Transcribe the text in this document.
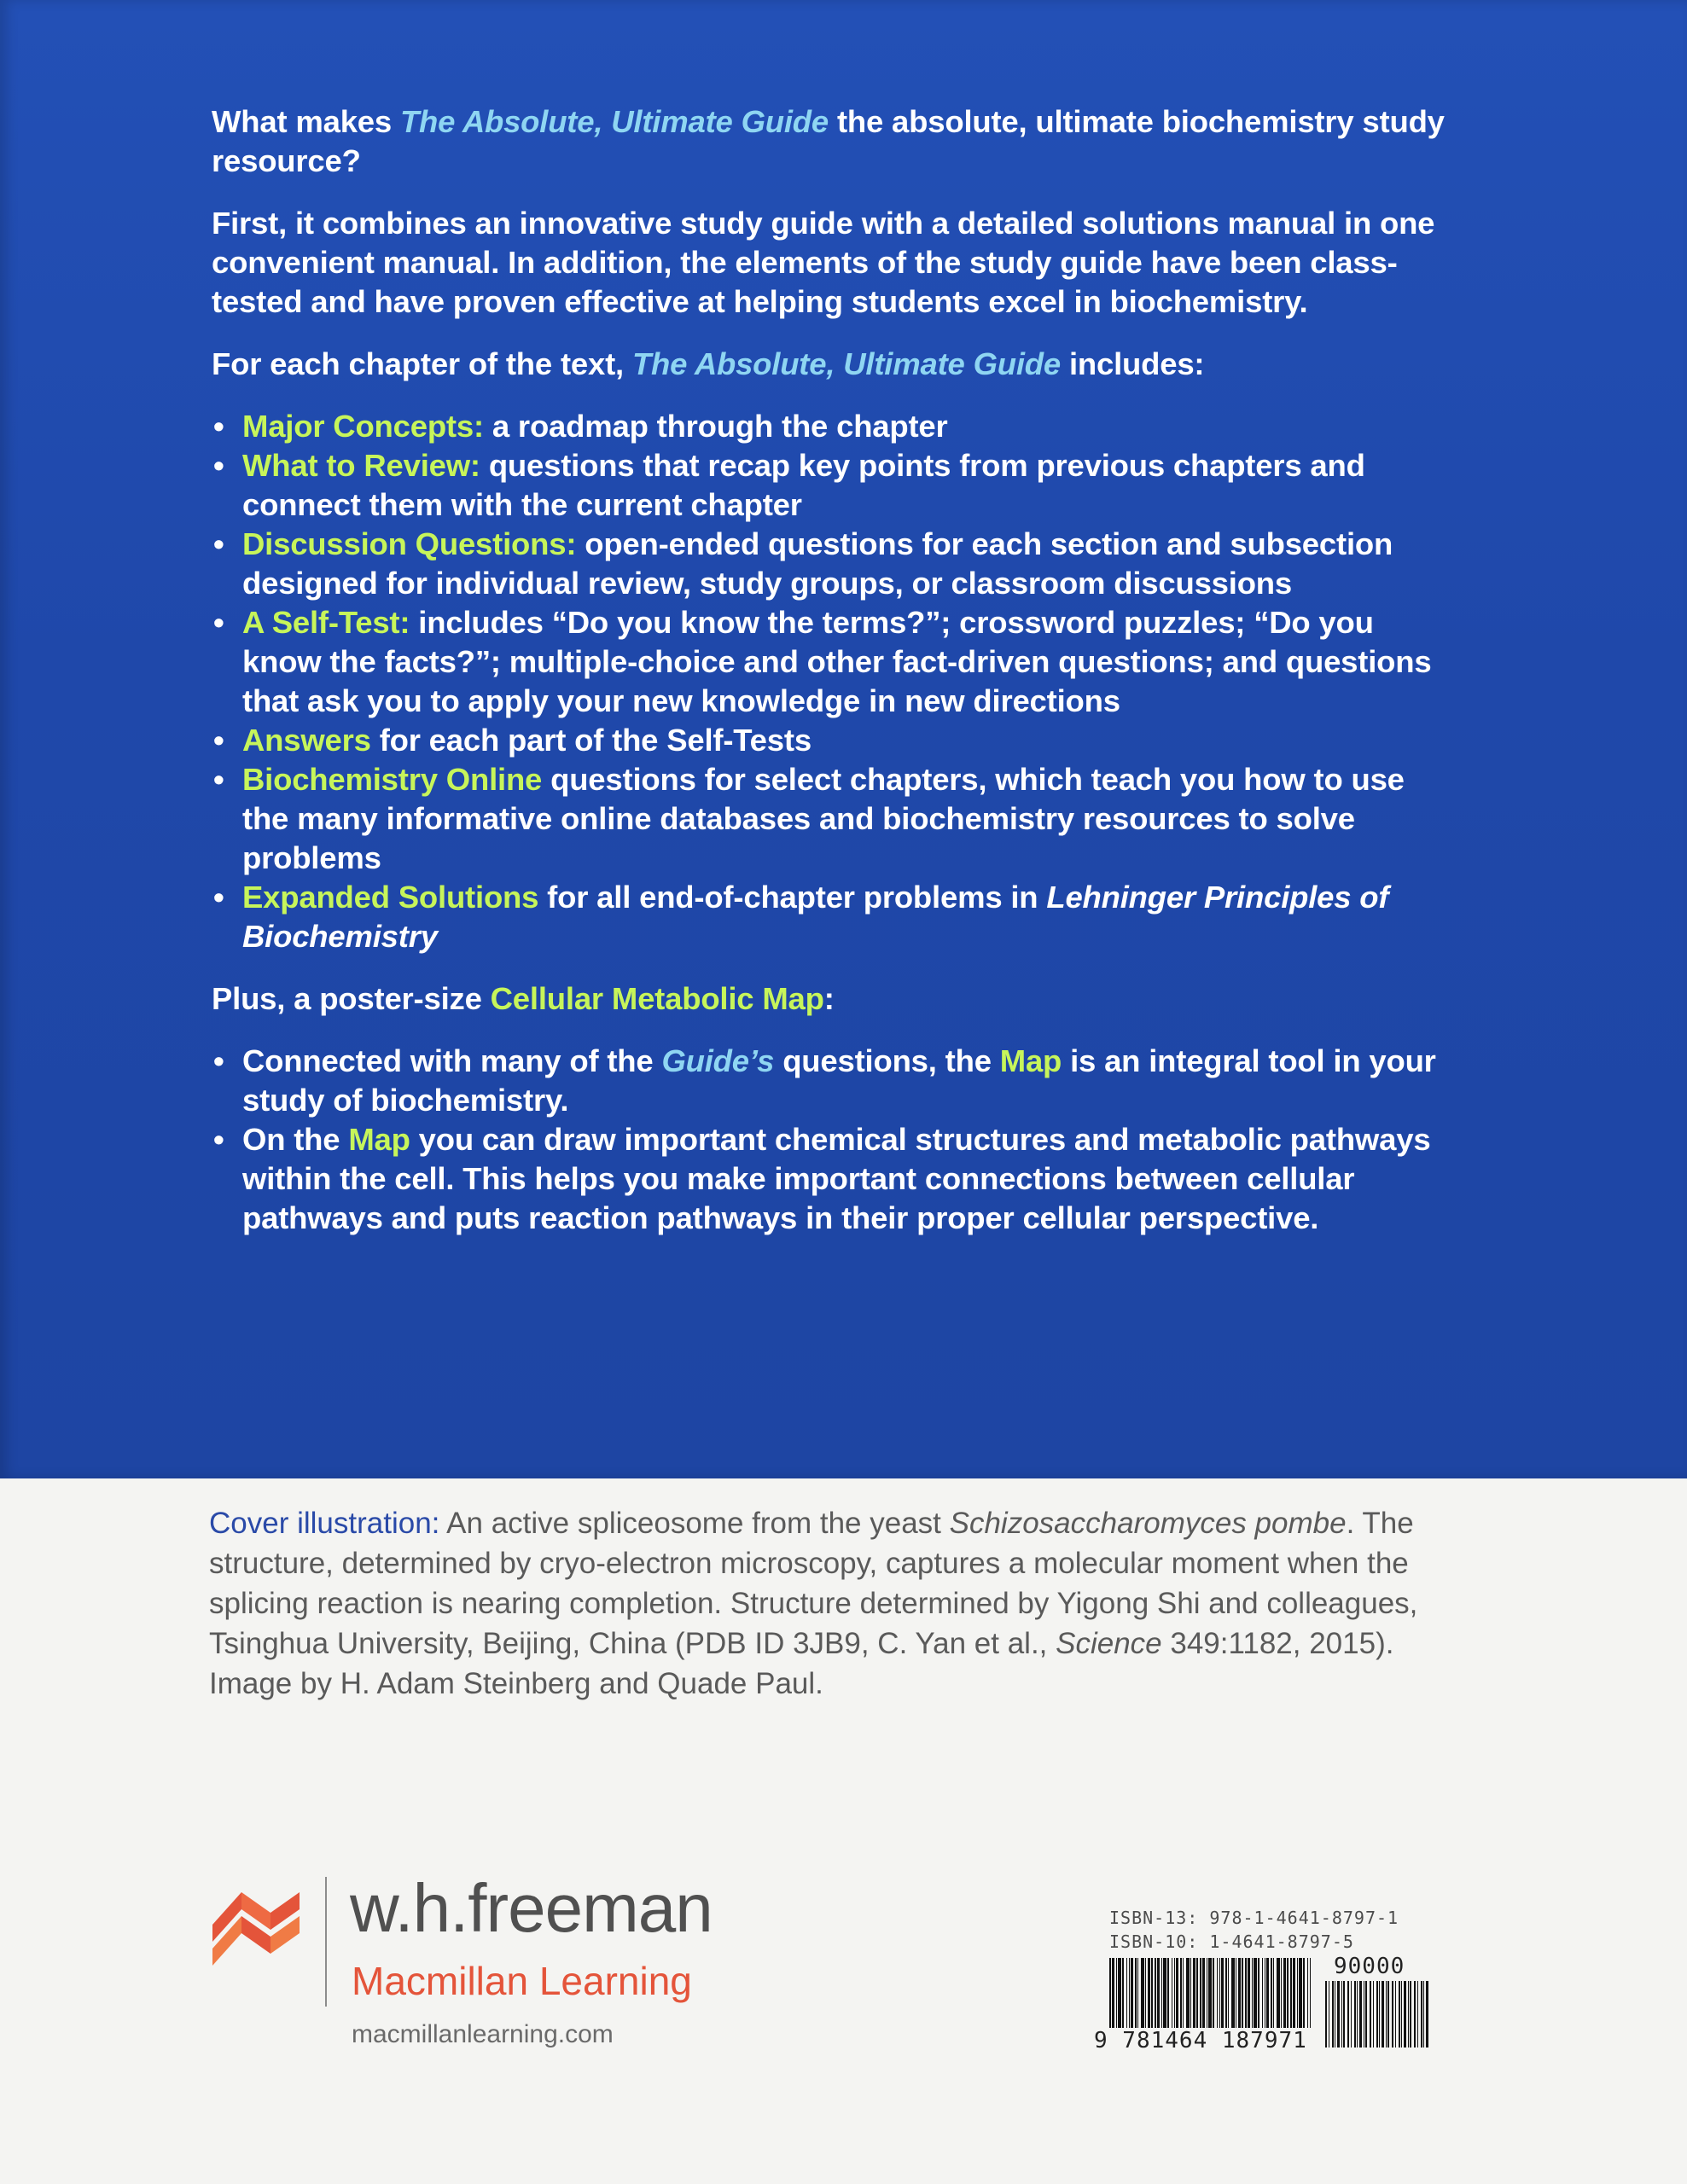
What makes The Absolute, Ultimate Guide the absolute, ultimate biochemistry study resource?

First, it combines an innovative study guide with a detailed solutions manual in one convenient manual. In addition, the elements of the study guide have been class-tested and have proven effective at helping students excel in biochemistry.

For each chapter of the text, The Absolute, Ultimate Guide includes:

• Major Concepts: a roadmap through the chapter
• What to Review: questions that recap key points from previous chapters and connect them with the current chapter
• Discussion Questions: open-ended questions for each section and subsection designed for individual review, study groups, or classroom discussions
• A Self-Test: includes “Do you know the terms?”; crossword puzzles; “Do you know the facts?”; multiple-choice and other fact-driven questions; and questions that ask you to apply your new knowledge in new directions
• Answers for each part of the Self-Tests
• Biochemistry Online questions for select chapters, which teach you how to use the many informative online databases and biochemistry resources to solve problems
• Expanded Solutions for all end-of-chapter problems in Lehninger Principles of Biochemistry

Plus, a poster-size Cellular Metabolic Map:

• Connected with many of the Guide’s questions, the Map is an integral tool in your study of biochemistry.
• On the Map you can draw important chemical structures and metabolic pathways within the cell. This helps you make important connections between cellular pathways and puts reaction pathways in their proper cellular perspective.
Cover illustration: An active spliceosome from the yeast Schizosaccharomyces pombe. The structure, determined by cryo-electron microscopy, captures a molecular moment when the splicing reaction is nearing completion. Structure determined by Yigong Shi and colleagues, Tsinghua University, Beijing, China (PDB ID 3JB9, C. Yan et al., Science 349:1182, 2015). Image by H. Adam Steinberg and Quade Paul.
w.h.freeman
Macmillan Learning
macmillanlearning.com
ISBN-13: 978-1-4641-8797-1
ISBN-10: 1-4641-8797-5
90000
9 781464 187971
